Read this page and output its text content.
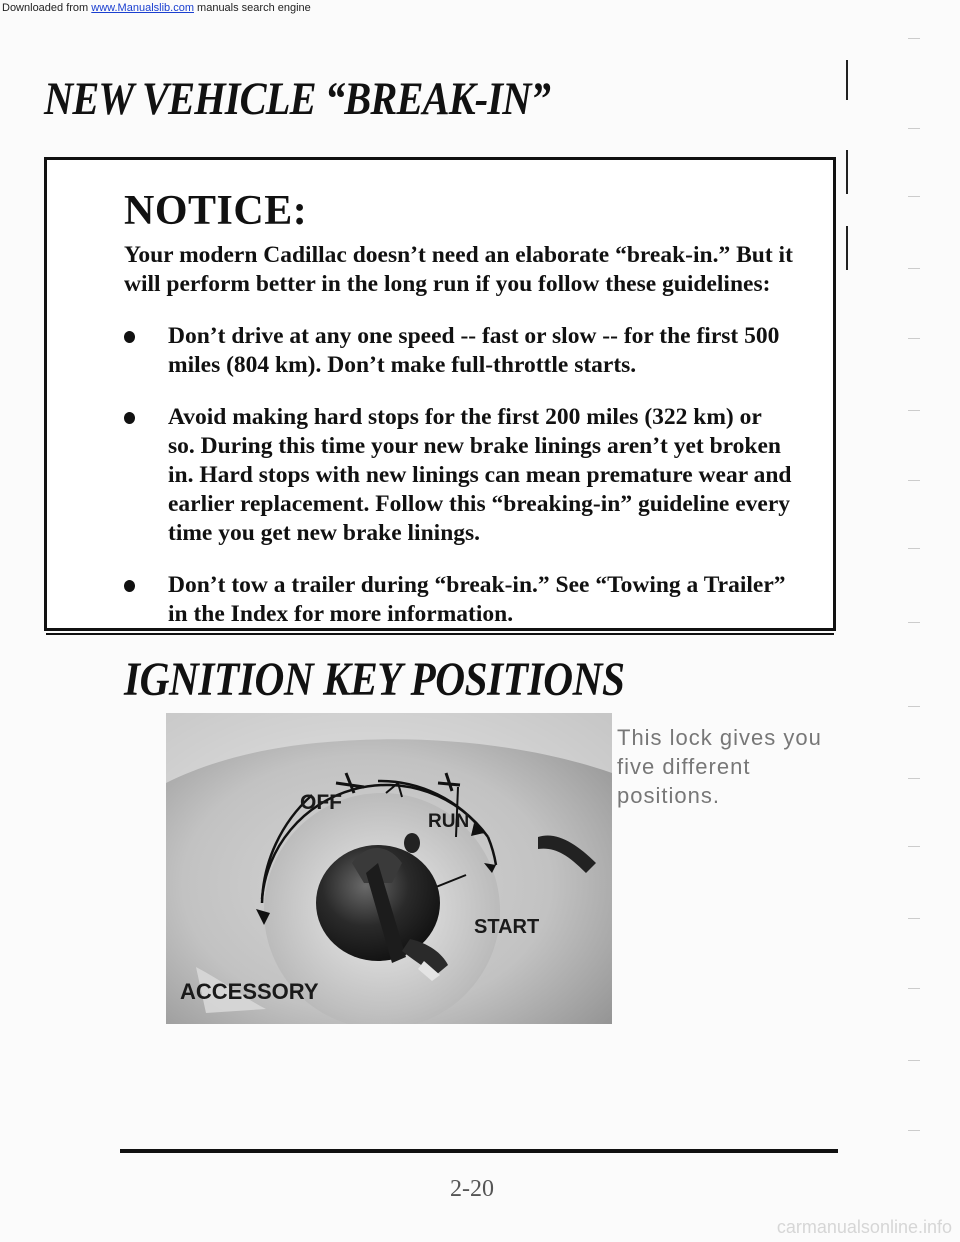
Downloaded from www.Manualslib.com manuals search engine
NEW VEHICLE “BREAK-IN”
NOTICE:

Your modern Cadillac doesn’t need an elaborate “break-in.” But it will perform better in the long run if you follow these guidelines:

Don’t drive at any one speed -- fast or slow -- for the first 500 miles (804 km). Don’t make full-throttle starts.
Avoid making hard stops for the first 200 miles (322 km) or so. During this time your new brake linings aren’t yet broken in. Hard stops with new linings can mean premature wear and earlier replacement. Follow this “breaking-in” guideline every time you get new brake linings.
Don’t tow a trailer during “break-in.” See “Towing a Trailer” in the Index for more information.
IGNITION KEY POSITIONS
OFF
RUN
START
ACCESSORY

This lock gives you five different positions.

2-20
carmanualsonline.info
